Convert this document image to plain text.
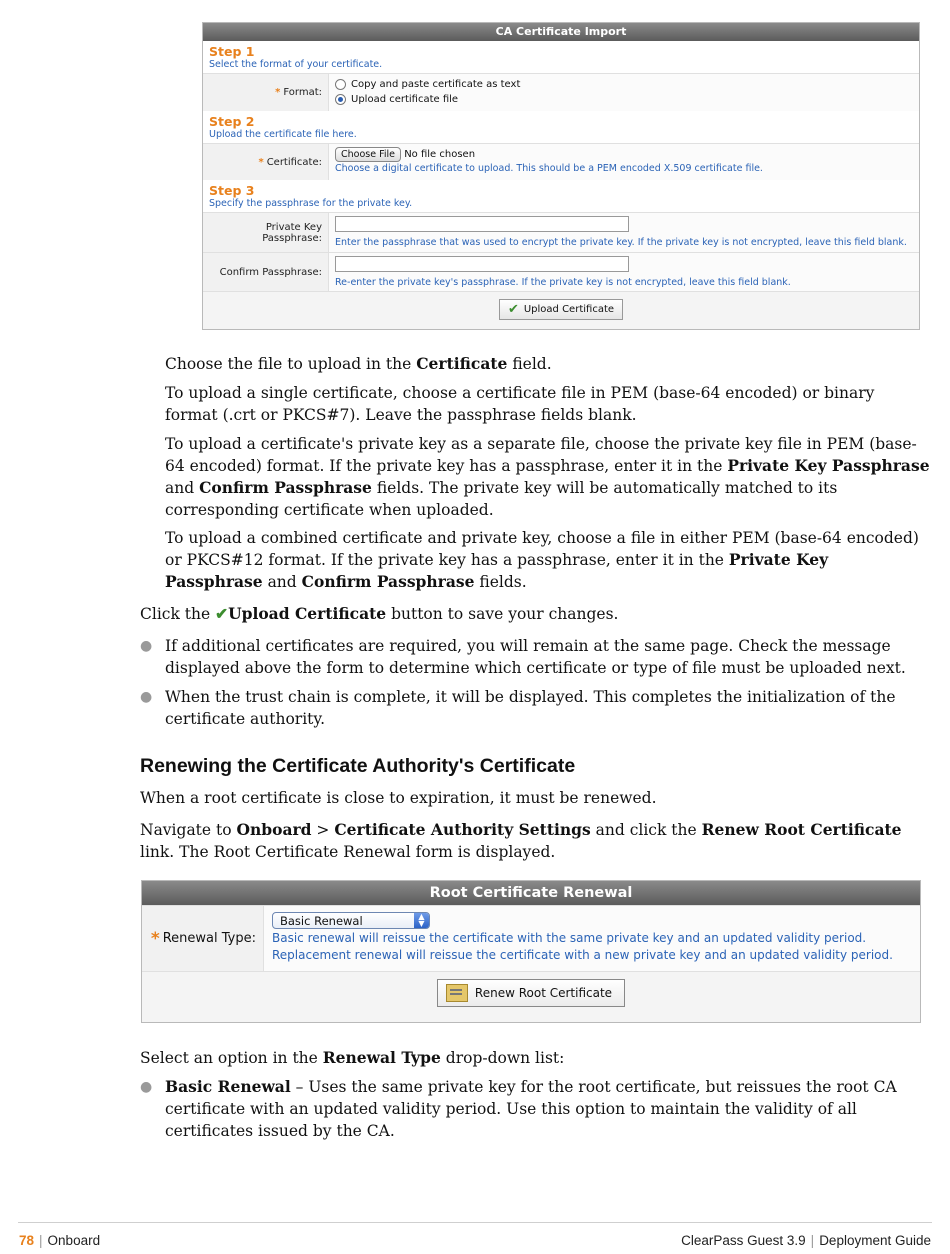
CA Certificate Import
Step 1
Select the format of your certificate.
* Format:
Copy and paste certificate as text
Upload certificate file
Step 2
Upload the certificate file here.
* Certificate:
Choose File No file chosen
Choose a digital certificate to upload. This should be a PEM encoded X.509 certificate file.
Step 3
Specify the passphrase for the private key.
Private Key Passphrase:	Enter the passphrase that was used to encrypt the private key. If the private key is not encrypted, leave this field blank.
Confirm Passphrase:
Re-enter the private key's passphrase. If the private key is not encrypted, leave this field blank.
✔ Upload Certificate
Choose the file to upload in the Certificate field.
To upload a single certificate, choose a certificate file in PEM (base-64 encoded) or binary format (.crt or PKCS#7). Leave the passphrase fields blank.
To upload a certificate's private key as a separate file, choose the private key file in PEM (base-64 encoded) format. If the private key has a passphrase, enter it in the Private Key Passphrase and Confirm Passphrase fields. The private key will be automatically matched to its corresponding certificate when uploaded.
To upload a combined certificate and private key, choose a file in either PEM (base-64 encoded) or PKCS#12 format. If the private key has a passphrase, enter it in the Private Key Passphrase and Confirm Passphrase fields.
Click the ✔Upload Certificate button to save your changes.
● If additional certificates are required, you will remain at the same page. Check the message displayed above the form to determine which certificate or type of file must be uploaded next.
● When the trust chain is complete, it will be displayed. This completes the initialization of the certificate authority.
Renewing the Certificate Authority's Certificate
When a root certificate is close to expiration, it must be renewed.
Navigate to Onboard > Certificate Authority Settings and click the Renew Root Certificate link. The Root Certificate Renewal form is displayed.
Root Certificate Renewal
* Renewal Type:
Basic Renewal	▲
▼
Basic renewal will reissue the certificate with the same private key and an updated validity period.
Replacement renewal will reissue the certificate with a new private key and an updated validity period.
Renew Root Certificate
Select an option in the Renewal Type drop-down list:
● Basic Renewal – Uses the same private key for the root certificate, but reissues the root CA certificate with an updated validity period. Use this option to maintain the validity of all certificates issued by the CA.
78 | Onboard	ClearPass Guest 3.9 | Deployment Guide
